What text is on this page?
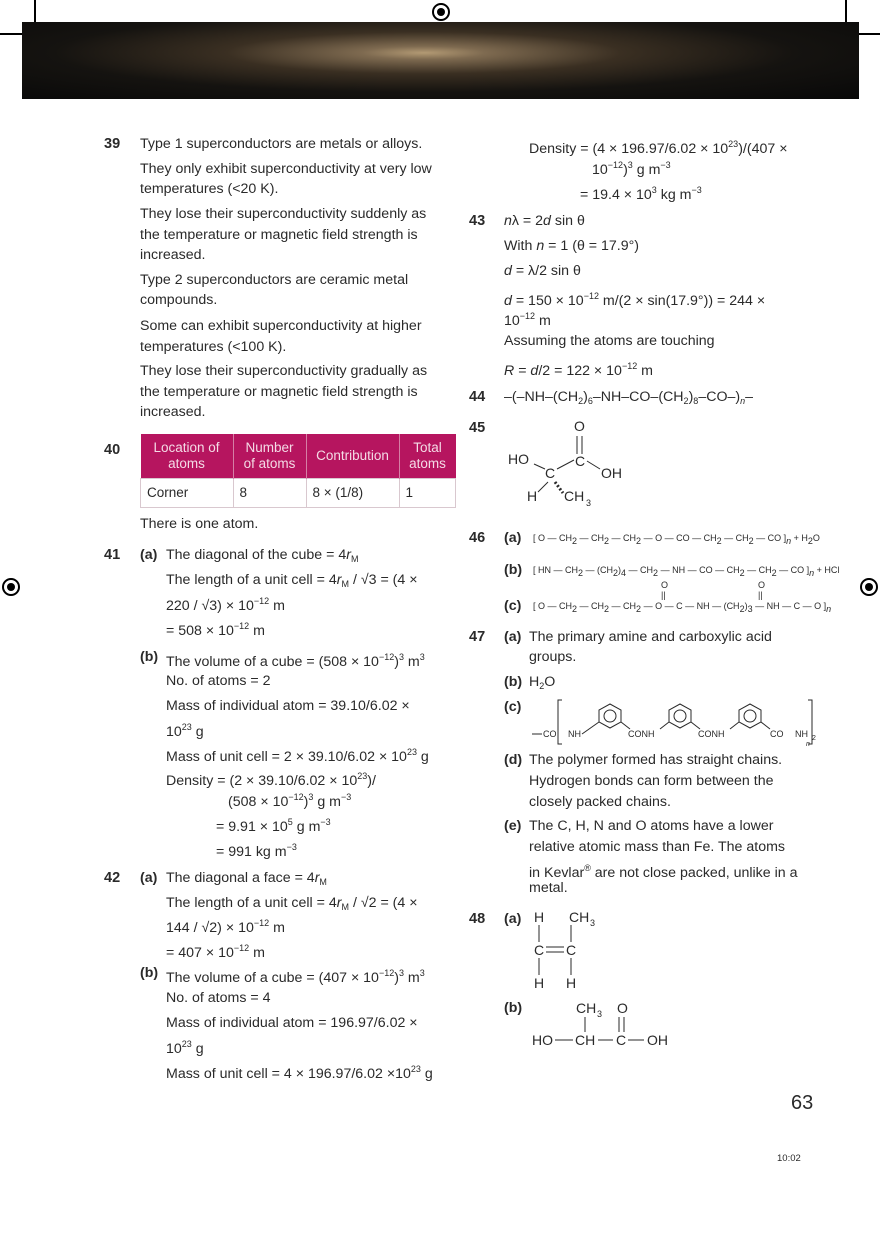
39 Type 1 superconductors are metals or alloys.
They only exhibit superconductivity at very low
temperatures (<20 K).
They lose their superconductivity suddenly as
the temperature or magnetic field strength is
increased.
Type 2 superconductors are ceramic metal
compounds.
Some can exhibit superconductivity at higher
temperatures (<100 K).
They lose their superconductivity gradually as
the temperature or magnetic field strength is
increased.
40 Location of atoms	Number of atoms	Contribution	Total atoms
Corner	8	8 × (1/8)	1
There is one atom.
41 (a) The diagonal of the cube = $4r_M$
The length of a unit cell = $4r_M / √3 = (4$ ×
$220 / √3) \times 10^{-12}$ m
= $508 \times 10^{-12}$ m
(b) The volume of a cube = $(508 \times 10^{-12})^3$ $m^3$
No. of atoms = 2
Mass of individual atom = 39.10/6.02 ×
$10^{23}$ g
Mass of unit cell = $2 \times 39.10/6.02 \times 10^{23}$ g
Density = $(2 \times 39.10/6.02 \times 10^{23})/$
$(508 \times 10^{-12})^3$ g $m^{-3}$
= $9.91 \times 10^5$ g $m^{-3}$
= 991 kg $m^{-3}$
42 (a) The diagonal a face = $4r_M$
The length of a unit cell = $4r_M / √2 = (4$ ×
$144 / √2) \times 10^{-12}$ m
= $407 \times 10^{-12}$ m
(b) The volume of a cube = $(407 \times 10^{-12})^3$ $m^3$
No. of atoms = 4
Mass of individual atom = 196.97/6.02 ×
$10^{23}$ g
Mass of unit cell = $4 \times 196.97/6.02 \times 10^{23}$ g
Density = $(4 \times 196.97/6.02 \times 10^{23})/(407$ ×
$10^{-12})^3$ g $m^{-3}$
= $19.4 \times 10^3$ kg $m^{-3}$
43 nλ = 2d sin θ
With n = 1 (θ = 17.9°)
d = λ/2 sin θ
$d = 150 \times 10^{-12}$ m/(2 × sin(17.9°)) = 244 ×
$10^{-12}$ m
Assuming the atoms are touching
$R = d/2 = 122 \times 10^{-12}$ m
44 $-(-NH-(CH_2)_6-NH-CO-(CH_2)_8-CO-)_n-$
45	O
C
HO
C	OH
H CH 3
46 (a) [ O — $CH_2$ — $CH_2$ — $CH_2$ — O — CO — $CH_2$ — $CH_2$ — CO ]$_n + H_2O$
(b) [ HN — $CH_2$ — $(CH_2)_4$ — $CH_2$ — NH — CO — $CH_2$ — $CH_2$ — CO ]$_n$ + HCl
(c) [ O — $CH_2$ — $CH_2$ — $CH_2$ — O — C — NH — $(CH_2)_3$ — NH — C — O ]$_n$
O
||
O
||
47 (a) The primary amine and carboxylic acid
groups.
(b) $H_2O$
(c)
CO NH	CONH	CONH	CO NH 2
n
(d) The polymer formed has straight chains.
Hydrogen bonds can form between the
closely packed chains.
(e) The C, H, N and O atoms have a lower
relative atomic mass than Fe. The atoms
in Kevlar® are not close packed, unlike in a
metal.
48 (a) H CH 3
C C
H H
(b)	CH 3 O
HO CH C OH
63
10:02
